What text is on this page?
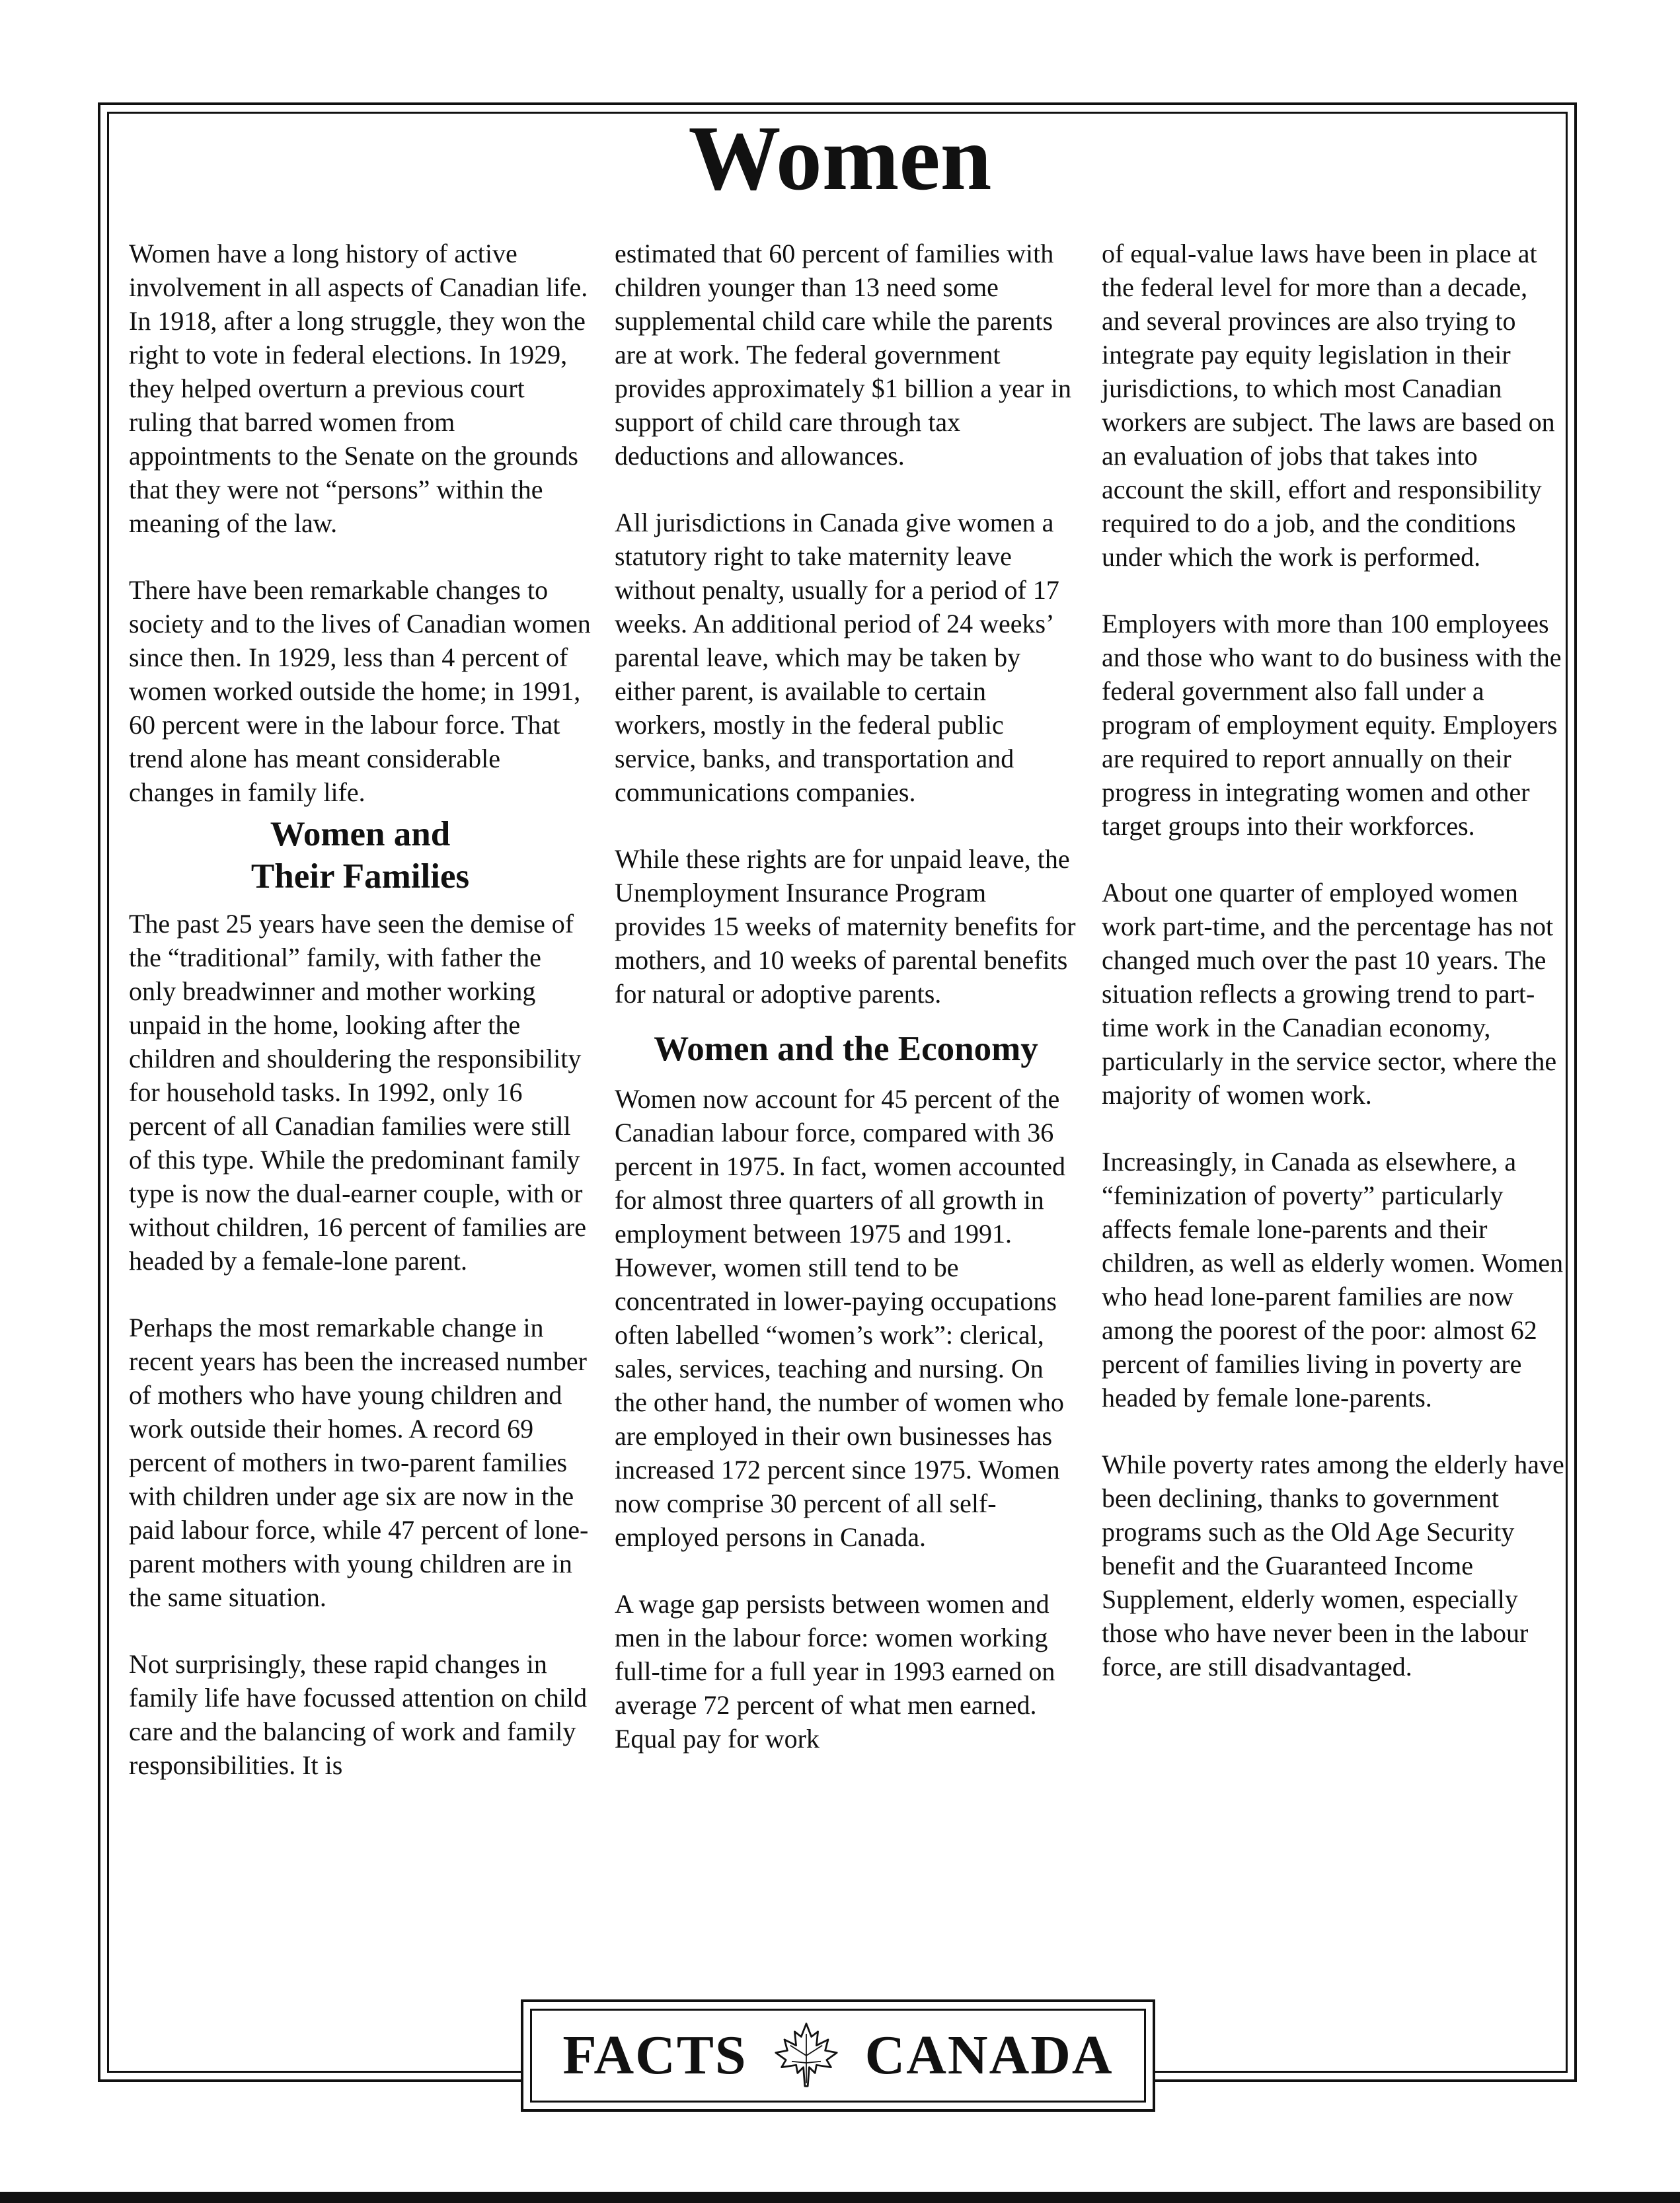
Women

Women have a long history of active involvement in all aspects of Canadian life. In 1918, after a long struggle, they won the right to vote in federal elections. In 1929, they helped overturn a previous court ruling that barred women from appointments to the Senate on the grounds that they were not “persons” within the meaning of the law.

There have been remarkable changes to society and to the lives of Canadian women since then. In 1929, less than 4 percent of women worked outside the home; in 1991, 60 percent were in the labour force. That trend alone has meant considerable changes in family life.

Women and
Their Families

The past 25 years have seen the demise of the “traditional” family, with father the only breadwinner and mother working unpaid in the home, looking after the children and shouldering the responsibility for household tasks. In 1992, only 16 percent of all Canadian families were still of this type. While the predominant family type is now the dual-earner couple, with or without children, 16 percent of families are headed by a female-lone parent.

Perhaps the most remarkable change in recent years has been the increased number of mothers who have young children and work outside their homes. A record 69 percent of mothers in two-parent families with children under age six are now in the paid labour force, while 47 percent of lone-parent mothers with young children are in the same situation.

Not surprisingly, these rapid changes in family life have focussed attention on child care and the balancing of work and family responsibilities. It is

estimated that 60 percent of families with children younger than 13 need some supplemental child care while the parents are at work. The federal government provides approximately $1 billion a year in support of child care through tax deductions and allowances.

All jurisdictions in Canada give women a statutory right to take maternity leave without penalty, usually for a period of 17 weeks. An additional period of 24 weeks’ parental leave, which may be taken by either parent, is available to certain workers, mostly in the federal public service, banks, and transportation and communications companies.

While these rights are for unpaid leave, the Unemployment Insurance Program provides 15 weeks of maternity benefits for mothers, and 10 weeks of parental benefits for natural or adoptive parents.

Women and the Economy

Women now account for 45 percent of the Canadian labour force, compared with 36 percent in 1975. In fact, women accounted for almost three quarters of all growth in employment between 1975 and 1991. However, women still tend to be concentrated in lower-paying occupations often labelled “women’s work”: clerical, sales, services, teaching and nursing. On the other hand, the number of women who are employed in their own businesses has increased 172 percent since 1975. Women now comprise 30 percent of all self-employed persons in Canada.

A wage gap persists between women and men in the labour force: women working full-time for a full year in 1993 earned on average 72 percent of what men earned. Equal pay for work

of equal-value laws have been in place at the federal level for more than a decade, and several provinces are also trying to integrate pay equity legislation in their jurisdictions, to which most Canadian workers are subject. The laws are based on an evaluation of jobs that takes into account the skill, effort and responsibility required to do a job, and the conditions under which the work is performed.

Employers with more than 100 employees and those who want to do business with the federal government also fall under a program of employment equity. Employers are required to report annually on their progress in integrating women and other target groups into their workforces.

About one quarter of employed women work part-time, and the percentage has not changed much over the past 10 years. The situation reflects a growing trend to part-time work in the Canadian economy, particularly in the service sector, where the majority of women work.

Increasingly, in Canada as elsewhere, a “feminization of poverty” particularly affects female lone-parents and their children, as well as elderly women. Women who head lone-parent families are now among the poorest of the poor: almost 62 percent of families living in poverty are headed by female lone-parents.

While poverty rates among the elderly have been declining, thanks to government programs such as the Old Age Security benefit and the Guaranteed Income Supplement, elderly women, especially those who have never been in the labour force, are still disadvantaged.

FACTS CANADA
